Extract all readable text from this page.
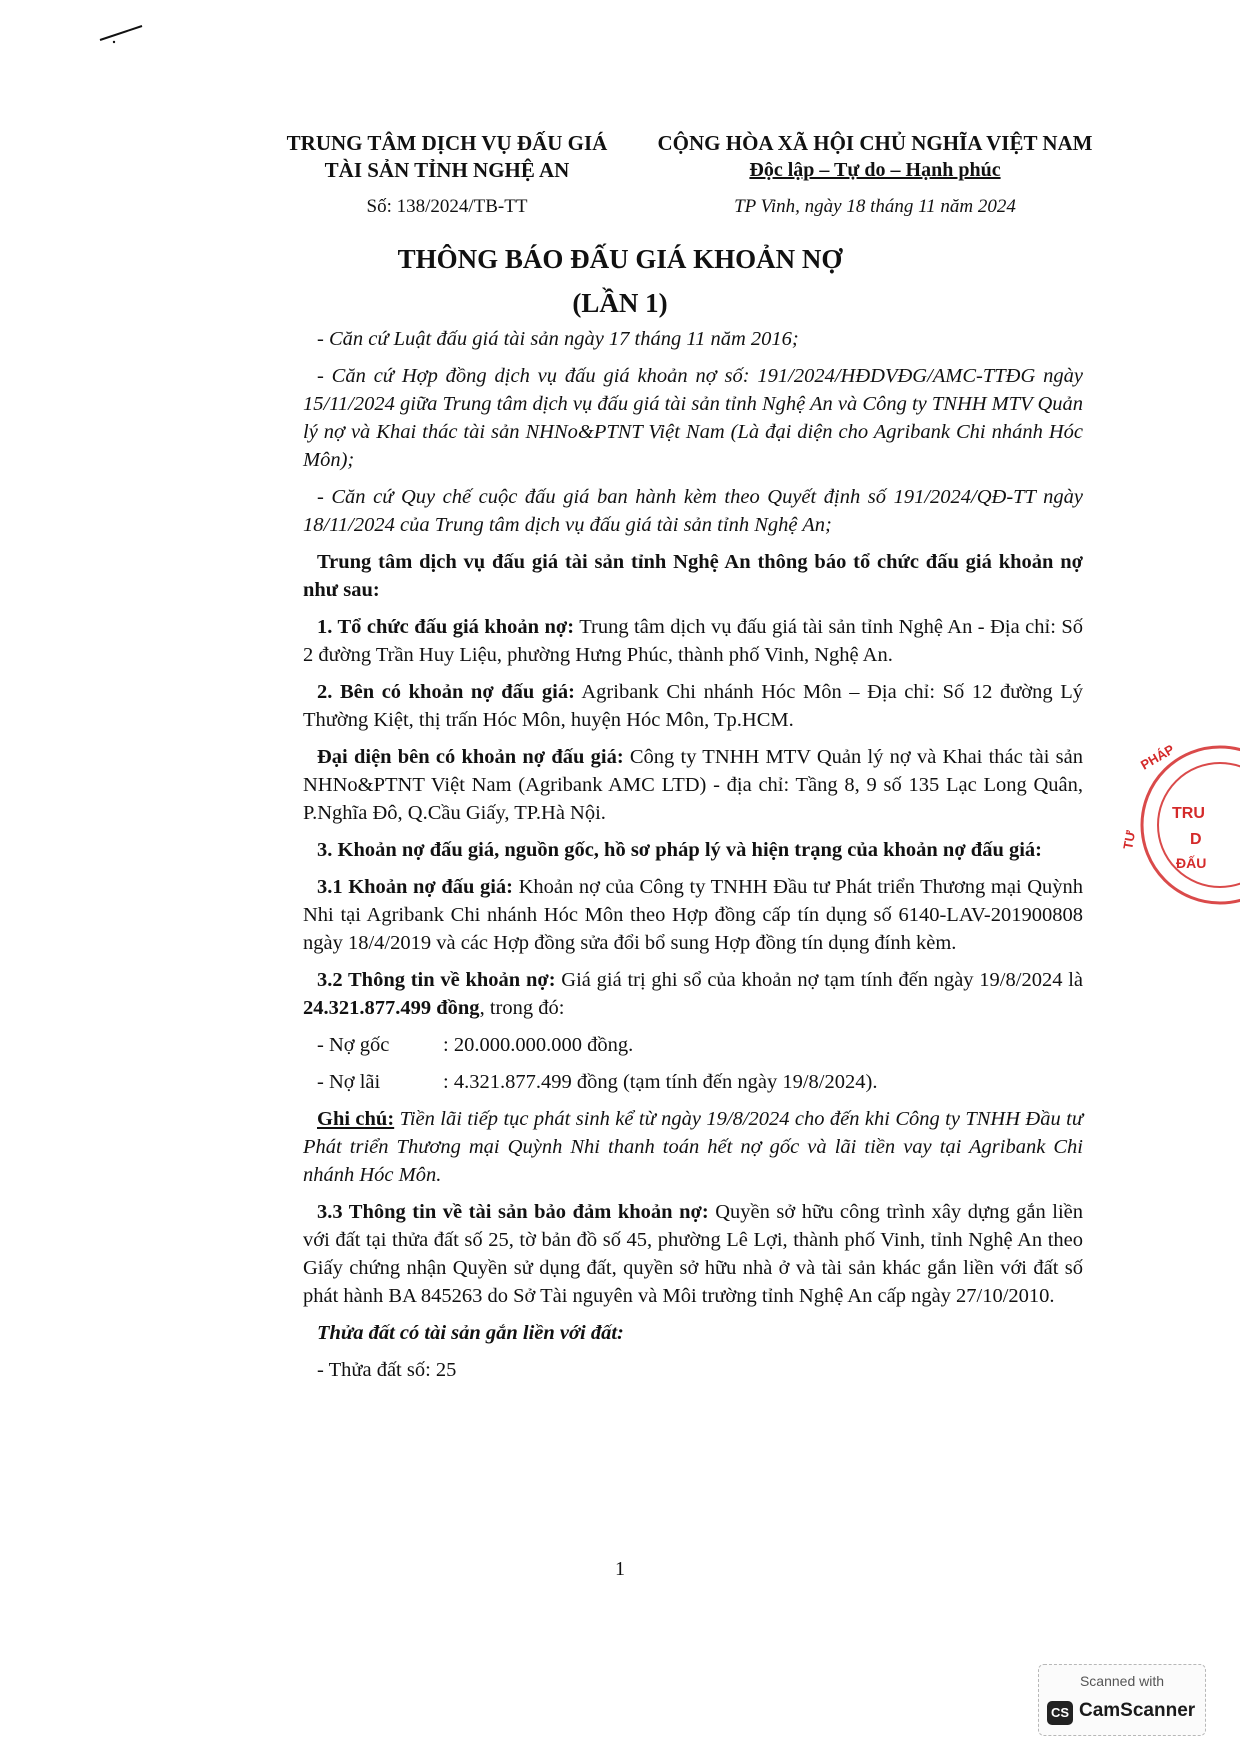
TRUNG TÂM DỊCH VỤ ĐẤU GIÁ
TÀI SẢN TỈNH NGHỆ AN
Số: 138/2024/TB-TT
CỘNG HÒA XÃ HỘI CHỦ NGHĨA VIỆT NAM
Độc lập – Tự do – Hạnh phúc
TP Vinh, ngày 18 tháng 11 năm 2024
THÔNG BÁO ĐẤU GIÁ KHOẢN NỢ
(LẦN 1)

- Căn cứ Luật đấu giá tài sản ngày 17 tháng 11 năm 2016;

- Căn cứ Hợp đồng dịch vụ đấu giá khoản nợ số: 191/2024/HĐDVĐG/AMC-TTĐG ngày 15/11/2024 giữa Trung tâm dịch vụ đấu giá tài sản tỉnh Nghệ An và Công ty TNHH MTV Quản lý nợ và Khai thác tài sản NHNo&PTNT Việt Nam (Là đại diện cho Agribank Chi nhánh Hóc Môn);

- Căn cứ Quy chế cuộc đấu giá ban hành kèm theo Quyết định số 191/2024/QĐ-TT ngày 18/11/2024 của Trung tâm dịch vụ đấu giá tài sản tỉnh Nghệ An;

Trung tâm dịch vụ đấu giá tài sản tỉnh Nghệ An thông báo tổ chức đấu giá khoản nợ như sau:

1. Tổ chức đấu giá khoản nợ: Trung tâm dịch vụ đấu giá tài sản tỉnh Nghệ An - Địa chỉ: Số 2 đường Trần Huy Liệu, phường Hưng Phúc, thành phố Vinh, Nghệ An.

2. Bên có khoản nợ đấu giá: Agribank Chi nhánh Hóc Môn – Địa chỉ: Số 12 đường Lý Thường Kiệt, thị trấn Hóc Môn, huyện Hóc Môn, Tp.HCM.

Đại diện bên có khoản nợ đấu giá: Công ty TNHH MTV Quản lý nợ và Khai thác tài sản NHNo&PTNT Việt Nam (Agribank AMC LTD) - địa chỉ: Tầng 8, 9 số 135 Lạc Long Quân, P.Nghĩa Đô, Q.Cầu Giấy, TP.Hà Nội.

3. Khoản nợ đấu giá, nguồn gốc, hồ sơ pháp lý và hiện trạng của khoản nợ đấu giá:

3.1 Khoản nợ đấu giá: Khoản nợ của Công ty TNHH Đầu tư Phát triển Thương mại Quỳnh Nhi tại Agribank Chi nhánh Hóc Môn theo Hợp đồng cấp tín dụng số 6140-LAV-201900808 ngày 18/4/2019 và các Hợp đồng sửa đổi bổ sung Hợp đồng tín dụng đính kèm.

3.2 Thông tin về khoản nợ: Giá giá trị ghi sổ của khoản nợ tạm tính đến ngày 19/8/2024 là 24.321.877.499 đồng, trong đó:

- Nợ gốc	: 20.000.000.000 đồng.
- Nợ lãi	: 4.321.877.499 đồng (tạm tính đến ngày 19/8/2024).

Ghi chú: Tiền lãi tiếp tục phát sinh kể từ ngày 19/8/2024 cho đến khi Công ty TNHH Đầu tư Phát triển Thương mại Quỳnh Nhi thanh toán hết nợ gốc và lãi tiền vay tại Agribank Chi nhánh Hóc Môn.

3.3 Thông tin về tài sản bảo đảm khoản nợ: Quyền sở hữu công trình xây dựng gắn liền với đất tại thửa đất số 25, tờ bản đồ số 45, phường Lê Lợi, thành phố Vinh, tỉnh Nghệ An theo Giấy chứng nhận Quyền sử dụng đất, quyền sở hữu nhà ở và tài sản khác gắn liền với đất số phát hành BA 845263 do Sở Tài nguyên và Môi trường tỉnh Nghệ An cấp ngày 27/10/2010.

Thửa đất có tài sản gắn liền với đất:

- Thửa đất số: 25

PHÁP
TƯ
TRU
D
ĐẤU
1
Scanned with
CS CamScanner
